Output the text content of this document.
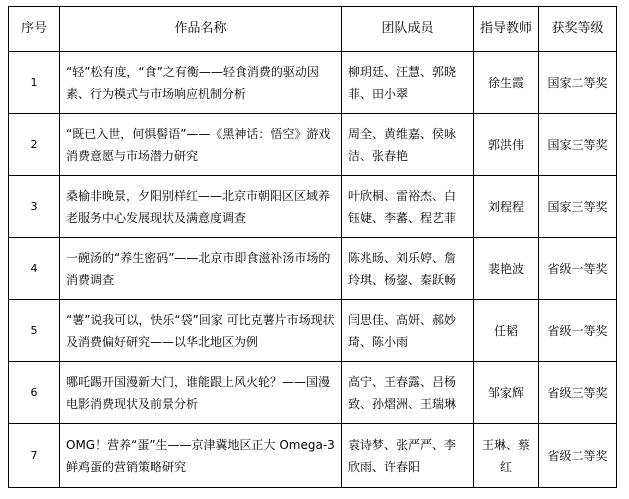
序号	作品名称	团队成员	指导教师	获奖等级
1	“轻”松有度，“食”之有衡——轻食消费的驱动因素、行为模式与市场响应机制分析	柳玥廷、汪慧、郭晓菲、田小翠	徐生霞	国家二等奖
2	“既已入世，何惧髻语”——《黑神话：悟空》游戏消费意愿与市场潜力研究	周全、黄维嘉、侯咏洁、张春艳	郭洪伟	国家三等奖
3	桑榆非晚景，夕阳别样红——北京市朝阳区区域养老服务中心发展现状及满意度调查	叶欣桐、雷裕杰、白钰婕、李蕃、程艺菲	刘程程	国家三等奖
4	一碗汤的“养生密码”——北京市即食滋补汤市场的消费调查	陈兆旸、刘乐婷、詹玲琪、杨鋆、秦跃畅	裴艳波	省级一等奖
5	“薯”说我可以，快乐“袋”回家 可比克薯片市场现状及消费偏好研究——以华北地区为例	闫思佳、高妍、郝妙琦、陈小雨	任韬	省级一等奖
6	哪吒踢开国漫新大门，谁能跟上风火轮？——国漫电影消费现状及前景分析	高宁、王春露、吕杨致、孙熠洲、王瑞琳	邹家辉	省级三等奖
7	OMG！营养“蛋”生——京津冀地区正大 Omega-3 鲜鸡蛋的营销策略研究	袁诗梦、张严严、李欣雨、许春阳	王琳、蔡红	省级二等奖
